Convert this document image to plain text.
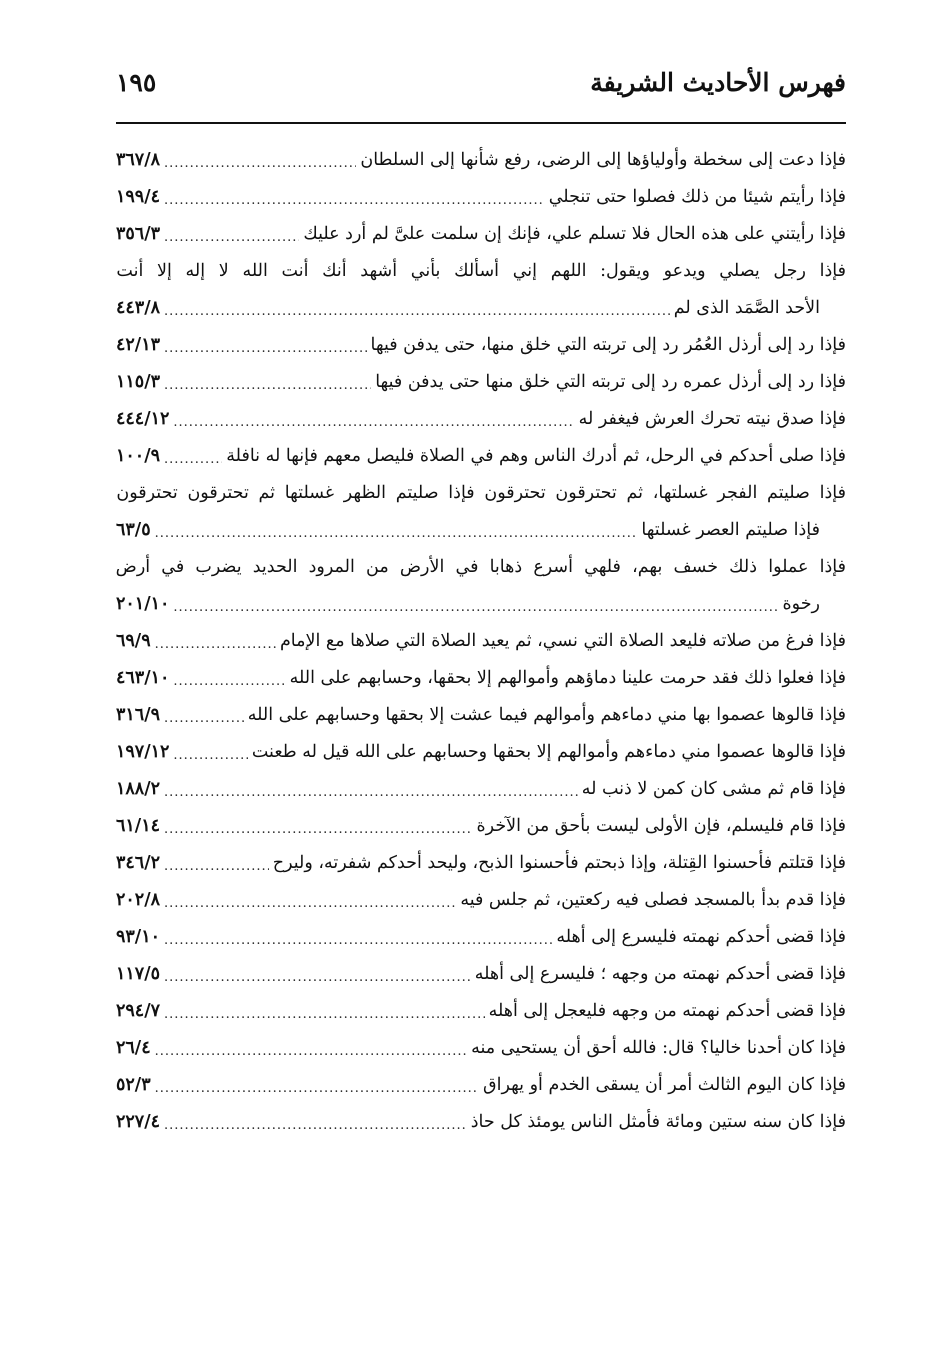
فهرس الأحاديث الشريفة
١٩٥
فإذا دعت إلى سخطة وأولياؤها إلى الرضى، رفع شأنها إلى السلطان
.....
٣٦٧/٨
فإذا رأيتم شيئا من ذلك فصلوا حتى تنجلي
.....
١٩٩/٤
فإذا رأيتني على هذه الحال فلا تسلم علي، فإنك إن سلمت علىَّ لم أرد عليك
.....
٣٥٦/٣
فإذا رجل يصلي ويدعو ويقول: اللهم إني أسألك بأني أشهد أنك أنت الله لا إله إلا أنت
الأحد الصَّمَد الذى لم
.....
٤٤٣/٨
فإذا رد إلى أرذل العُمُر رد إلى تربته التي خلق منها، حتى يدفن فيها
.....
٤٢/١٣
فإذا رد إلى أرذل عمره رد إلى تربته التي خلق منها حتى يدفن فيها
.....
١١٥/٣
فإذا صدق نيته تحرك العرش فيغفر له
.....
٤٤٤/١٢
فإذا صلى أحدكم في الرحل، ثم أدرك الناس وهم في الصلاة فليصل معهم فإنها له نافلة
.....
١٠٠/٩
فإذا صليتم الفجر غسلتها، ثم تحترقون تحترقون فإذا صليتم الظهر غسلتها ثم تحترقون تحترقون
فإذا صليتم العصر غسلتها
.....
٦٣/٥
فإذا عملوا ذلك خسف بهم، فلهي أسرع ذهابا في الأرض من المرود الحديد يضرب في أرض
رخوة
.....
٢٠١/١٠
فإذا فرغ من صلاته فليعد الصلاة التي نسي، ثم يعيد الصلاة التي صلاها مع الإمام
.....
٦٩/٩
فإذا فعلوا ذلك فقد حرمت علينا دماؤهم وأموالهم إلا بحقها، وحسابهم على الله
.....
٤٦٣/١٠
فإذا قالوها عصموا بها مني دماءهم وأموالهم فيما عشت إلا بحقها وحسابهم على الله
.....
٣١٦/٩
فإذا قالوها عصموا مني دماءهم وأموالهم إلا بحقها وحسابهم على الله قيل له طعنت
.....
١٩٧/١٢
فإذا قام ثم مشى كان كمن لا ذنب له
.....
١٨٨/٢
فإذا قام فليسلم، فإن الأولى ليست بأحق من الآخرة
.....
٦١/١٤
فإذا قتلتم فأحسنوا القِتلة، وإذا ذبحتم فأحسنوا الذبح، وليحد أحدكم شفرته، وليرح
.....
٣٤٦/٢
فإذا قدم بدأ بالمسجد فصلى فيه ركعتين، ثم جلس فيه
.....
٢٠٢/٨
فإذا قضى أحدكم نهمته فليسرع إلى أهله
.....
٩٣/١٠
فإذا قضى أحدكم نهمته من وجهه ؛ فليسرع إلى أهله
.....
١١٧/٥
فإذا قضى أحدكم نهمته من وجهه فليعجل إلى أهله
.....
٢٩٤/٧
فإذا كان أحدنا خاليا؟ قال: فالله أحق أن يستحيى منه
.....
٢٦/٤
فإذا كان اليوم الثالث أمر أن يسقى الخدم أو يهراق
.....
٥٢/٣
فإذا كان سنه ستين ومائة فأمثل الناس يومئذ كل حاذ
.....
٢٢٧/٤
